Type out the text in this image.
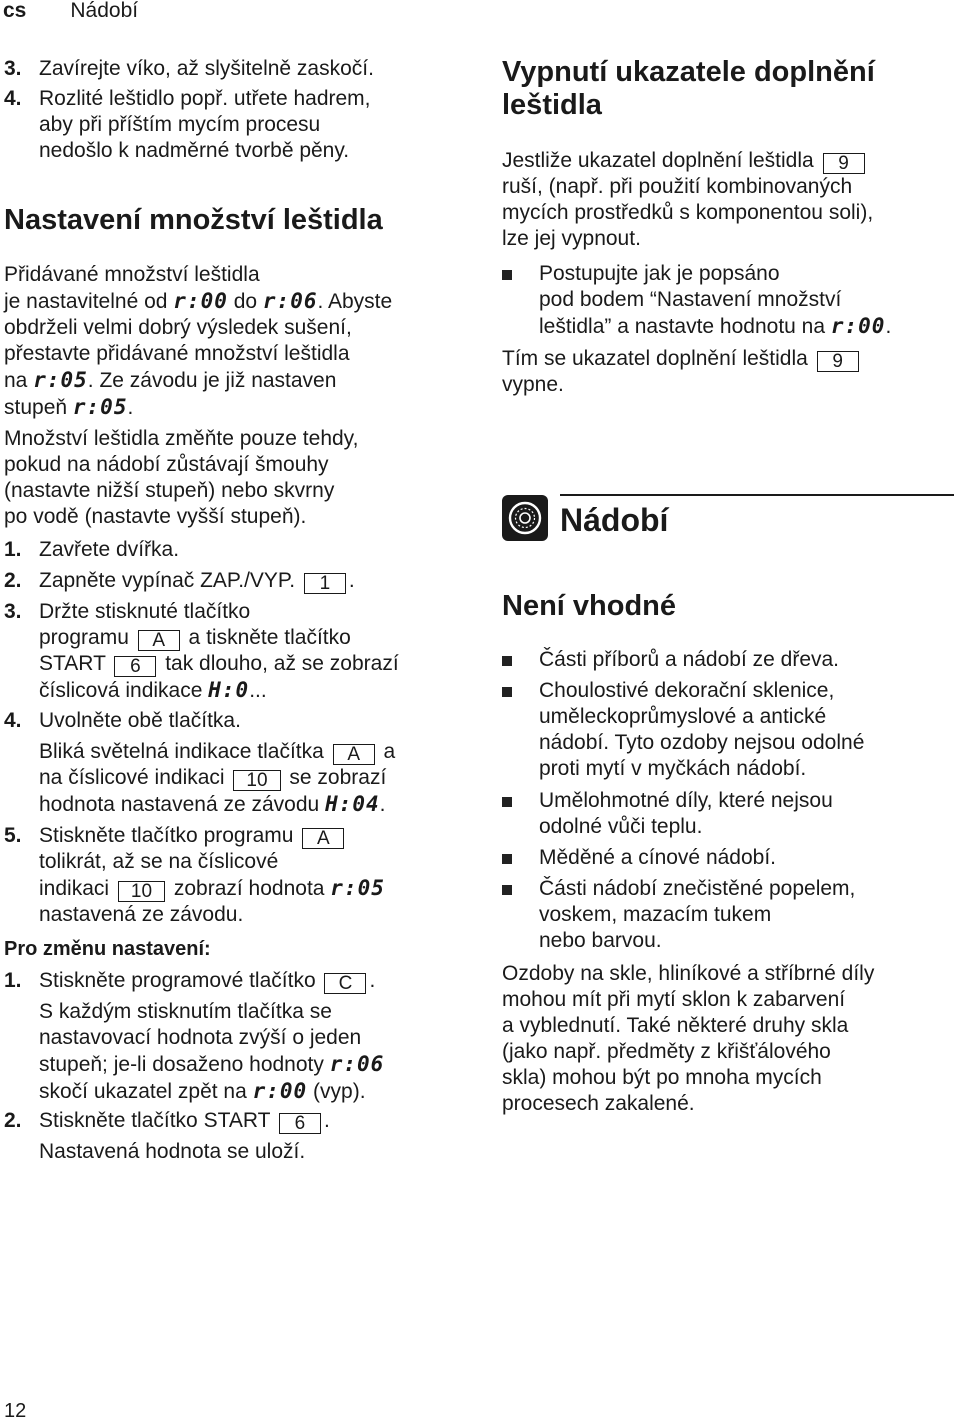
cs Nádobí
3. Zavírejte víko, až slyšitelně zaskočí.

4. Rozlité leštidlo popř. utřete hadrem,

aby při příštím mycím procesu

nedošlo k nadměrné tvorbě pěny.

Nastavení množství leštidla

Přidávané množství leštidla

je nastavitelné od r:00 do r:06. Abyste

obdrželi velmi dobrý výsledek sušení,

přestavte přidávané množství leštidla

na r:05. Ze závodu je již nastaven

stupeň r:05.

Množství leštidla změňte pouze tehdy,

pokud na nádobí zůstávají šmouhy

(nastavte nižší stupeň) nebo skvrny

po vodě (nastavte vyšší stupeň).

1. Zavřete dvířka.

2. Zapněte vypínač ZAP./VYP. 1 .

3. Držte stisknuté tlačítko

programu A a tiskněte tlačítko

START 6 tak dlouho, až se zobrazí

číslicová indikace H:0...

4. Uvolněte obě tlačítka.

Bliká světelná indikace tlačítka A a

na číslicové indikaci 10 se zobrazí

hodnota nastavená ze závodu H:04.

5. Stiskněte tlačítko programu A

tolikrát, až se na číslicové

indikaci 10 zobrazí hodnota r:05

nastavená ze závodu.

Pro změnu nastavení:
1. Stiskněte programové tlačítko C .

S každým stisknutím tlačítka se

nastavovací hodnota zvýší o jeden

stupeň; je-li dosaženo hodnoty r:06

skočí ukazatel zpět na r:00 (vyp).

2. Stiskněte tlačítko START 6 .

Nastavená hodnota se uloží.

Vypnutí ukazatele doplnění

leštidla

Jestliže ukazatel doplnění leštidla 9

ruší, (např. při použití kombinovaných

mycích prostředků s komponentou soli),

lze jej vypnout.

Postupujte jak je popsáno

pod bodem “Nastavení množství

leštidla” a nastavte hodnotu na r:00.

Tím se ukazatel doplnění leštidla 9

vypne.

Nádobí
Není vhodné

Části příborů a nádobí ze dřeva.

Choulostivé dekorační sklenice,

uměleckoprůmyslové a antické

nádobí. Tyto ozdoby nejsou odolné

proti mytí v myčkách nádobí.

Umělohmotné díly, které nejsou

odolné vůči teplu.

Měděné a cínové nádobí.

Části nádobí znečistěné popelem,

voskem, mazacím tukem

nebo barvou.

Ozdoby na skle, hliníkové a stříbrné díly

mohou mít při mytí sklon k zabarvení

a vyblednutí. Také některé druhy skla

(jako např. předměty z křišťálového

skla) mohou být po mnoha mycích

procesech zakalené.

12
